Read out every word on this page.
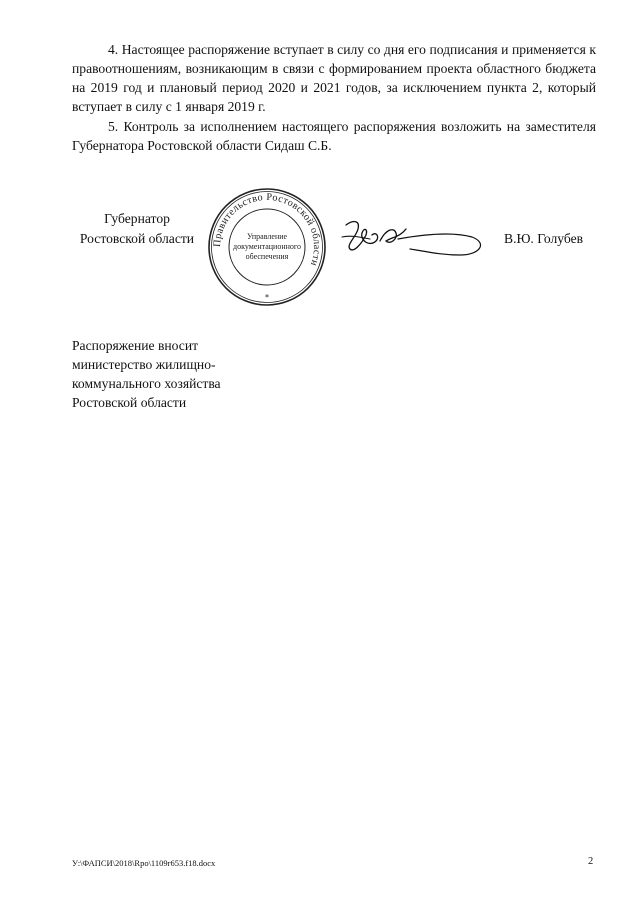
4. Настоящее распоряжение вступает в силу со дня его подписания и применяется к правоотношениям, возникающим в связи с формированием проекта областного бюджета на 2019 год и плановый период 2020 и 2021 годов, за исключением пункта 2, который вступает в силу с 1 января 2019 г.

5. Контроль за исполнением настоящего распоряжения возложить на заместителя Губернатора Ростовской области Сидаш С.Б.

Губернатор
Ростовской области	Правительство Ростовской области
Управление
документационного
обеспечения
*
В.Ю. Голубев
Распоряжение вносит
министерство жилищно-
коммунального хозяйства
Ростовской области
У:\ФАПСИ\2018\Rpo\1109r653.f18.docx	2
